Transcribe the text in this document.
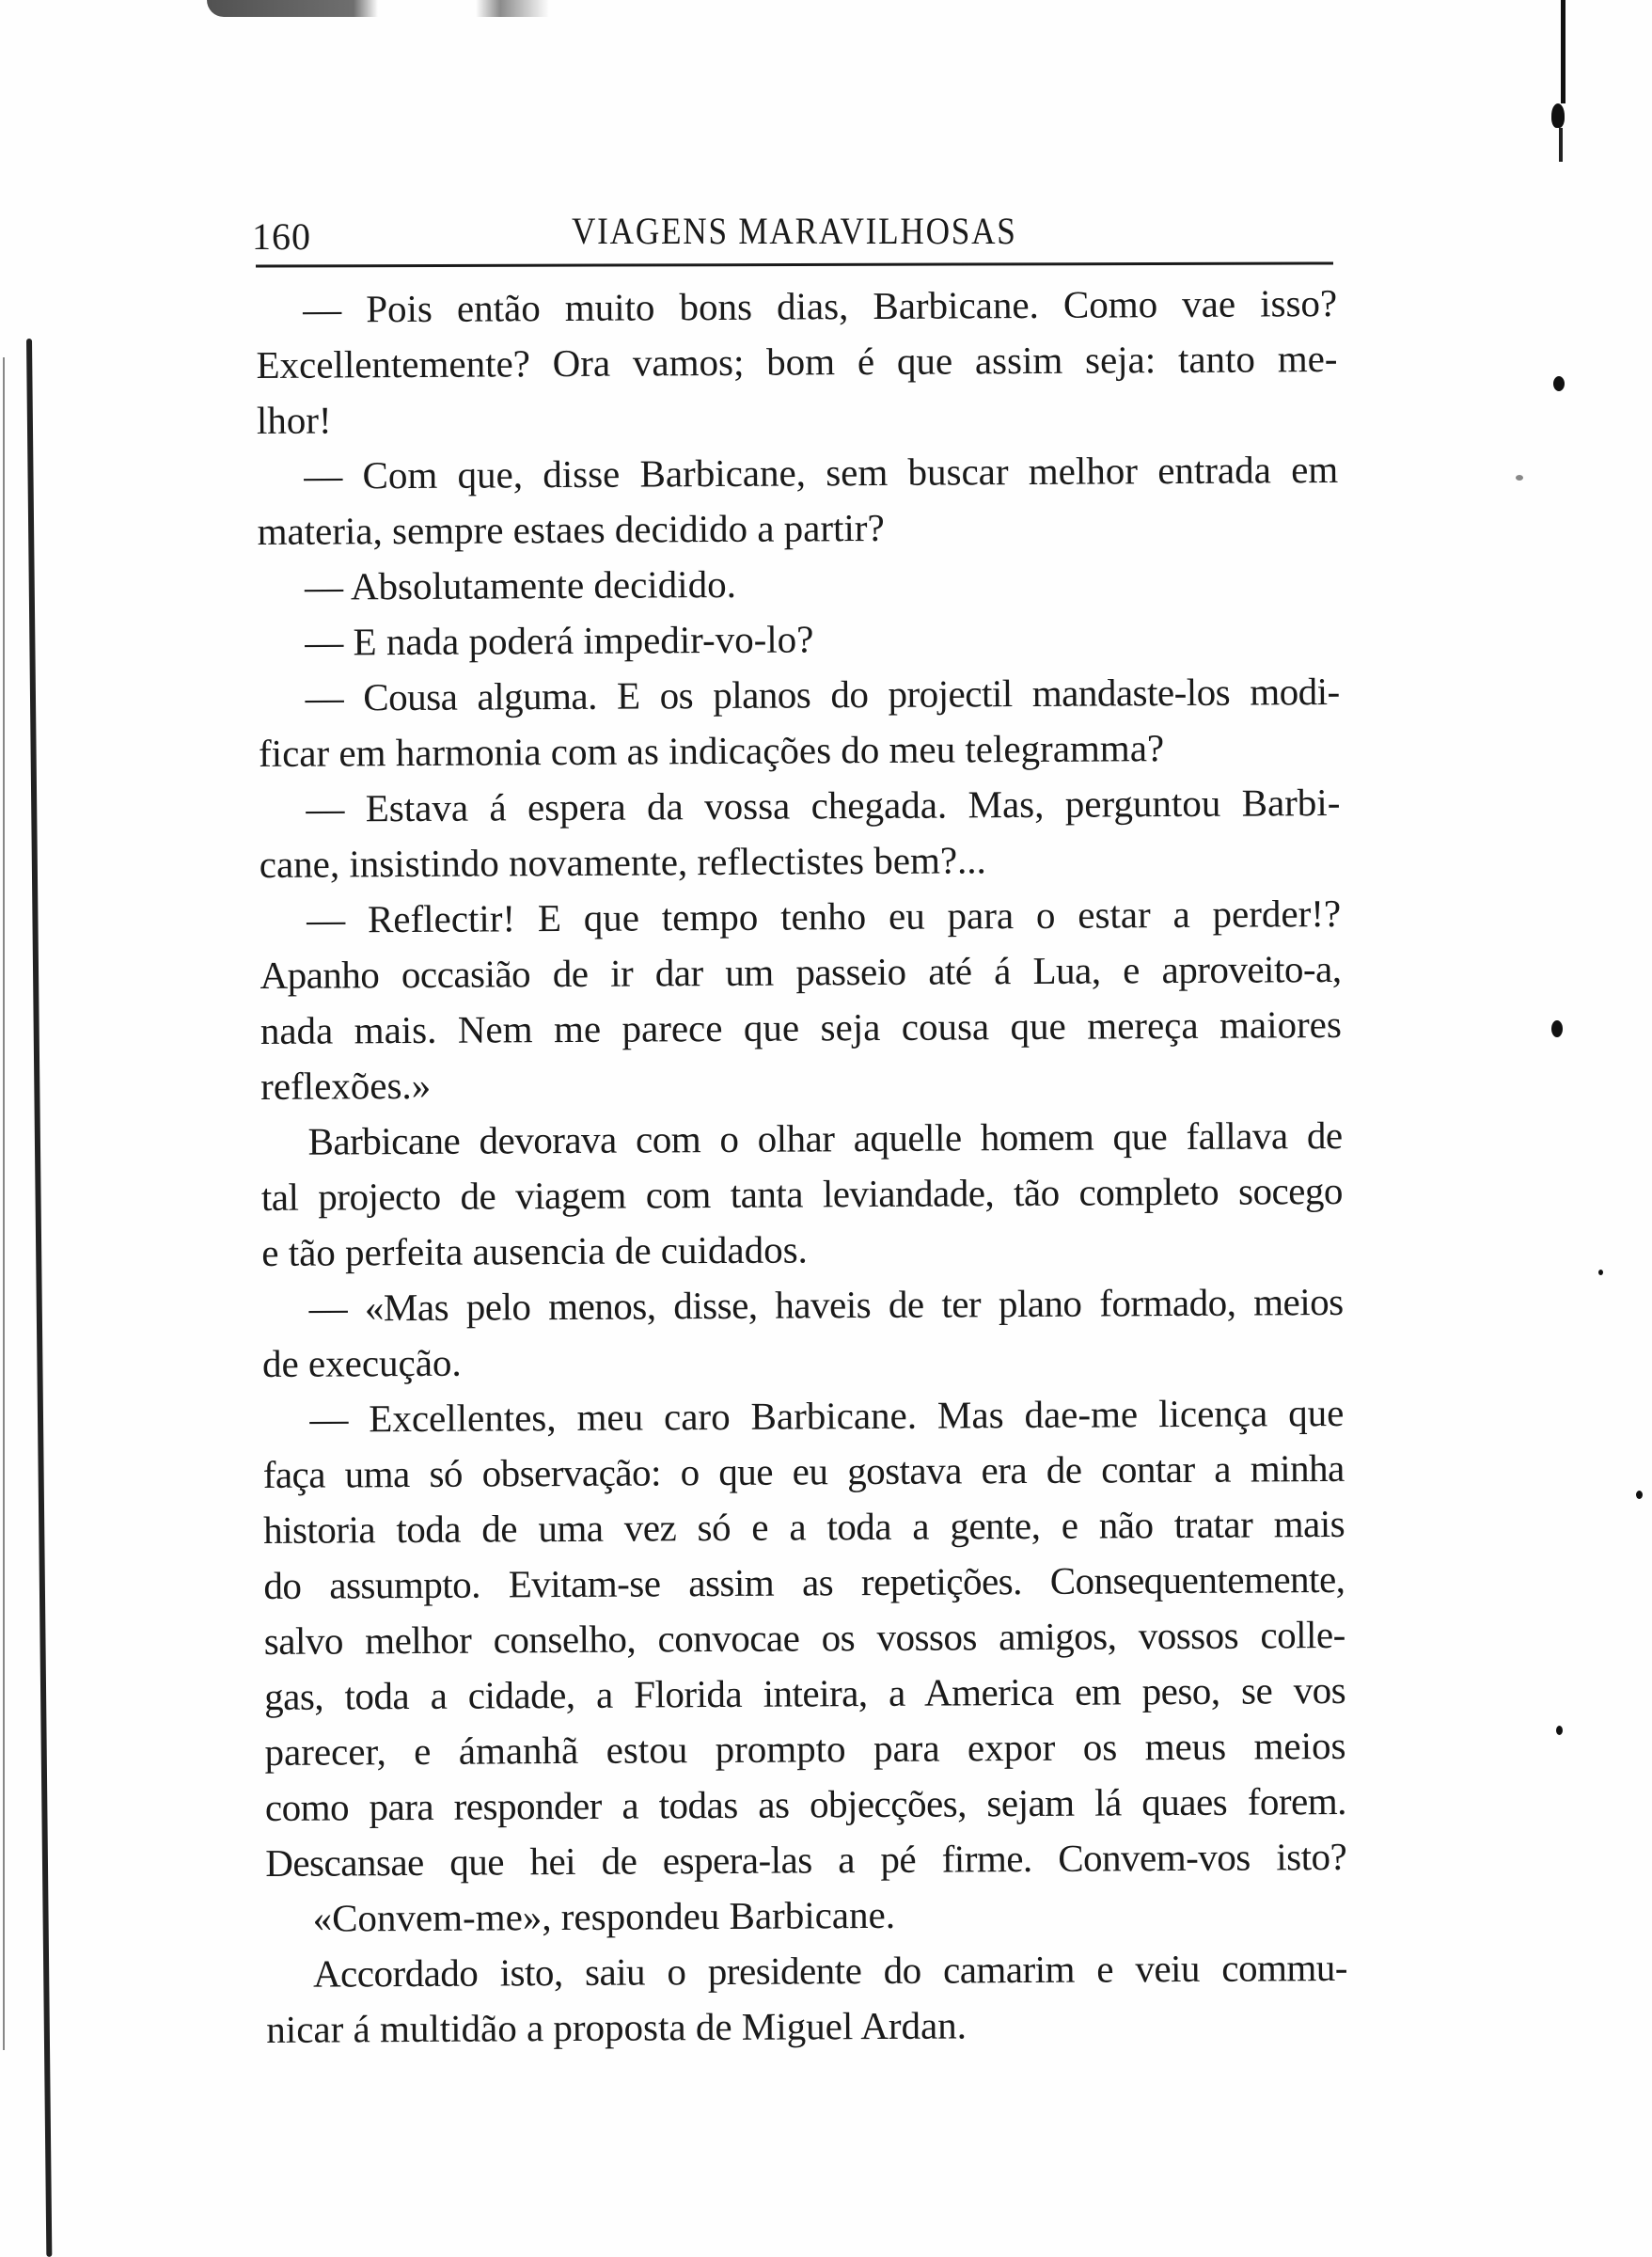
160	VIAGENS MARAVILHOSAS
— Pois então muito bons dias, Barbicane. Como vae isso?
Excellentemente? Ora vamos; bom é que assim seja: tanto me-
lhor!
— Com que, disse Barbicane, sem buscar melhor entrada em
materia, sempre estaes decidido a partir?
— Absolutamente decidido.
— E nada poderá impedir-vo-lo?
— Cousa alguma. E os planos do projectil mandaste-los modi-
ficar em harmonia com as indicações do meu telegramma?
— Estava á espera da vossa chegada. Mas, perguntou Barbi-
cane, insistindo novamente, reflectistes bem?...
— Reflectir! E que tempo tenho eu para o estar a perder!?
Apanho occasião de ir dar um passeio até á Lua, e aproveito-a,
nada mais. Nem me parece que seja cousa que mereça maiores
reflexões.»
Barbicane devorava com o olhar aquelle homem que fallava de
tal projecto de viagem com tanta leviandade, tão completo socego
e tão perfeita ausencia de cuidados.
— «Mas pelo menos, disse, haveis de ter plano formado, meios
de execução.
— Excellentes, meu caro Barbicane. Mas dae-me licença que
faça uma só observação: o que eu gostava era de contar a minha
historia toda de uma vez só e a toda a gente, e não tratar mais
do assumpto. Evitam-se assim as repetições. Consequentemente,
salvo melhor conselho, convocae os vossos amigos, vossos colle-
gas, toda a cidade, a Florida inteira, a America em peso, se vos
parecer, e ámanhã estou prompto para expor os meus meios
como para responder a todas as objecções, sejam lá quaes forem.
Descansae que hei de espera-las a pé firme. Convem-vos isto?
«Convem-me», respondeu Barbicane.
Accordado isto, saiu o presidente do camarim e veiu commu-
nicar á multidão a proposta de Miguel Ardan.
